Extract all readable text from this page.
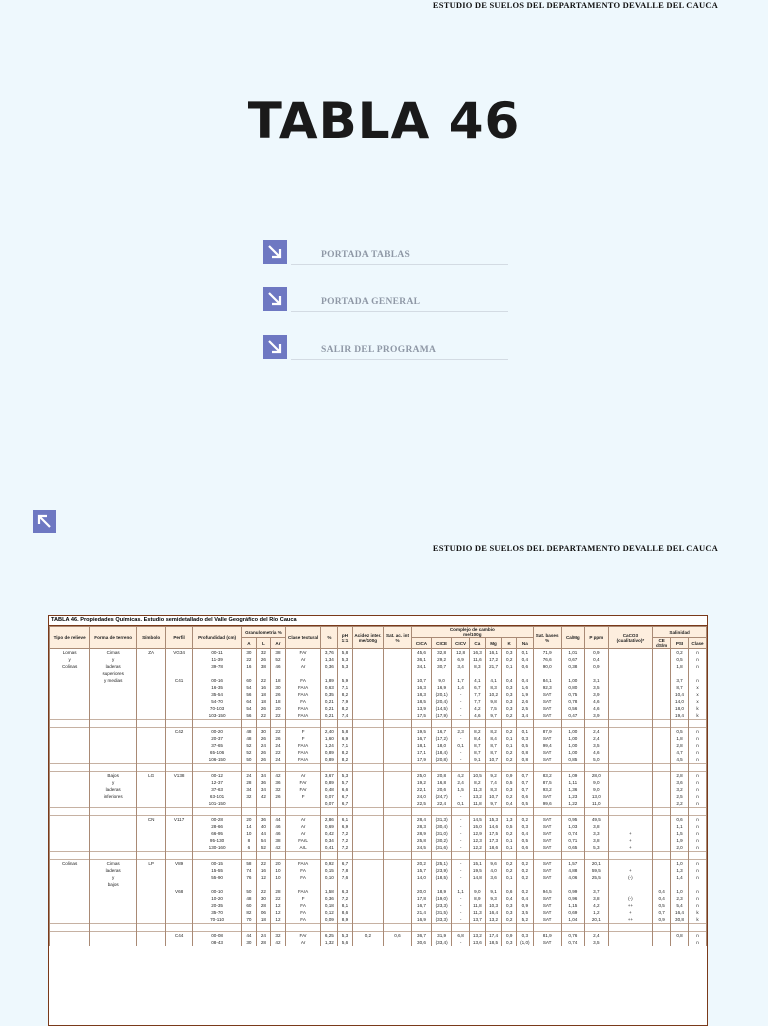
ESTUDIO DE SUELOS DEL DEPARTAMENTO DEVALLE DEL CAUCA
TABLA 46
PORTADA TABLAS
PORTADA GENERAL
SALIR DEL PROGRAMA
ESTUDIO DE SUELOS DEL DEPARTAMENTO DEVALLE DEL CAUCA
TABLA 46. Propiedades Químicas. Estudio semidetallado del Valle Geográfico del Río Cauca
Tipo de relieve	Forma de terreno	Símbolo	Perfil	Profundidad (cm)	Granulometría %			Clase textural	%	pH 1:1	Acidez inter. me/100g	Sat. ac. int %	Complejo de cambio
me/100g							Sat. bases %	Ca/Mg	P ppm	CaCO3 (cualitativo)*	Salinidad		
					A	L	Ar						CICA	CICE	CICV	Ca	Mg	K	Na					CE dS/m	PSI	Clase
Lomas	Cimas	ZA	VG34	00-11	30	32	38	FAr	3,76	5,8			45,6	32,8	12,8	16,3	16,1	0,3	0,1	71,9	1,01	0,9			0,2	n
y	y			11-39	22	26	52	Ar	1,34	5,3			36,1	29,2	6,9	11,6	17,2	0,2	0,4	76,6	0,67	0,4			0,5	n
Colinas	laderas			39-78	16	38	46	Ar	0,36	5,3			34,1	30,7	3,4	8,3	21,7	0,1	0,6	90,0	0,38	0,9			1,8	n
	superiores																									
	y medias		C41	00-16	60	22	18	FA	1,89	5,9			10,7	9,0	1,7	4,1	4,1	0,4	0,4	84,1	1,00	3,1			3,7	n
				16-35	54	16	30	FArA	0,63	7,1			16,3	16,9	1,4	6,7	8,3	0,3	1,6	92,3	0,80	3,5			8,7	x
				35-54	56	18	26	FArA	0,35	8,2			18,3	(20,1)	-	7,7	10,2	0,3	1,9	SAT	0,75	3,9			10,4	x
				54-70	64	18	18	FA	0,21	7,9			18,5	(20,4)	-	7,7	9,8	0,3	2,6	SAT	0,78	4,6			14,0	x
				70-103	54	26	20	FArA	0,21	8,2			13,9	(14,5)	-	4,2	7,5	0,3	2,5	SAT	0,56	4,6			18,0	k
				103-150	56	22	22	FArA	0,21	7,4			17,5	(17,9)	-	4,6	9,7	0,2	3,4	SAT	0,47	3,9			19,4	k

			C42	00-20	48	30	22	F	2,40	5,8			19,5	16,7	2,3	8,2	8,2	0,2	0,1	87,9	1,00	2,4			0,5	n
				20-37	48	26	26	F	1,60	6,9			16,7	(17,2)	-	8,4	8,4	0,1	0,3	SAT	1,00	2,4			1,8	n
				37-65	52	24	24	FArA	1,24	7,1			18,1	18,0	0,1	8,7	8,7	0,1	0,5	99,4	1,00	3,5			2,8	n
				65-106	52	26	22	FArA	0,89	8,2			17,1	(18,4)	-	8,7	8,7	0,2	0,8	SAT	1,00	4,6			4,7	n
				106-150	50	26	24	FArA	0,89	8,2			17,9	(20,8)	-	9,1	10,7	0,2	0,8	SAT	0,85	5,0			4,5	n

	Bajos	LG	V138	00-12	24	34	42	Ar	3,67	5,3			25,0	20,8	4,2	10,5	9,2	0,9	0,7	83,2	1,09	28,0			2,8	n
	y			12-37	28	36	36	FAr	0,89	5,7			19,2	16,8	2,4	8,2	7,4	0,5	0,7	87,5	1,11	9,0			3,6	n
	laderas			37-63	34	34	32	FAr	0,48	6,6			22,1	20,6	1,5	11,3	8,3	0,3	0,7	93,2	1,36	9,0			3,2	n
	inferiores			63-101	32	42	26	F	0,07	6,7			24,0	(24,7)	-	13,2	10,7	0,2	0,6	SAT	1,23	13,0			2,5	n
				101-150					0,07	6,7			22,5	22,4	0,1	11,8	9,7	0,4	0,5	99,6	1,22	11,0			2,2	n

		CN	V117	00-28	20	36	44	Ar	2,86	6,1			28,4	(31,3)	-	14,5	15,3	1,3	0,2	SAT	0,95	49,5			0,6	n
				28-66	14	40	46	Ar	0,69	6,9			28,3	(30,4)	-	15,0	14,6	0,5	0,3	SAT	1,03	3,8			1,1	n
				66-95	10	44	46	Ar	0,42	7,2			28,9	(31,0)	-	12,9	17,5	0,2	0,4	SAT	0,74	3,3	+		1,5	n
				95-130	8	54	38	FArL	0,34	7,2			25,8	(30,2)	-	12,3	17,3	0,1	0,5	SAT	0,71	3,8	+		1,9	n
				130-160	6	52	42	ArL	0,41	7,2			24,5	(31,6)	-	12,2	18,6	0,1	0,6	SAT	0,65	5,3	+		2,0	n

Colinas	Cimas	LP	V89	00-15	58	22	20	FArA	0,92	6,7			20,2	(25,1)	-	15,1	9,6	0,2	0,2	SAT	1,57	20,1			1,0	n
	laderas			15-55	74	16	10	FA	0,15	7,8			15,7	(23,9)	-	19,5	4,0	0,2	0,2	SAT	4,88	59,5	+		1,3	n
	y			55-90	76	12	10	FA	0,10	7,6			14,0	(18,5)	-	14,8	3,6	0,1	0,2	SAT	4,06	25,5	(-)		1,4	n
	bajos																									
			V68	00-10	50	22	28	FArA	1,58	6,3			20,0	18,9	1,1	9,0	9,1	0,6	0,2	94,5	0,99	3,7		0,4	1,0	n
				10-20	48	30	22	F	0,36	7,2			17,8	(19,0)	-	8,9	9,3	0,4	0,4	SAT	0,96	3,8	(-)	0,4	2,3	n
				20-35	60	28	12	FA	0,18	8,1			16,7	(23,3)	-	11,8	10,3	0,3	0,9	SAT	1,15	4,2	++	0,5	5,4	n
				35-70	82	06	12	FA	0,12	8,6			21,4	(31,5)	-	11,3	16,4	0,3	3,5	SAT	0,69	1,2	+	0,7	16,4	k
				70-110	70	18	12	FA	0,09	8,9			16,9	(33,3)	-	13,7	13,2	0,2	5,2	SAT	1,04	20,1	++	0,9	30,8	k

			C44	00-08	44	24	32	FAr	6,25	5,3	0,2	0,6	36,7	31,9	6,8	13,2	17,4	0,9	0,3	81,9	0,76	2,4			0,8	n
				08-43	30	28	42	Ar	1,32	5,6			30,6	(33,4)	-	13,6	18,5	0,3	(1,0)	SAT	0,74	3,5				n
